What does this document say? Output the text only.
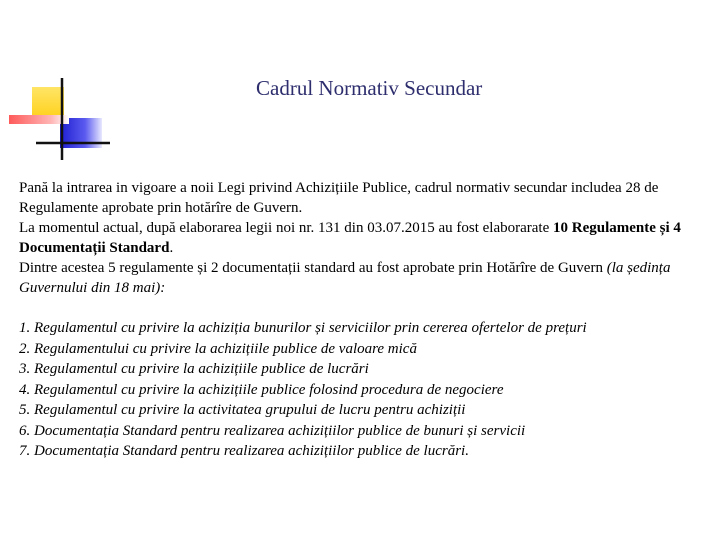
Cadrul Normativ Secundar

Pană la intrarea in vigoare a noii Legi privind Achizițiile Publice, cadrul normativ secundar includea 28 de Regulamente aprobate prin hotărîre de Guvern.

La momentul actual, după elaborarea legii noi nr. 131 din 03.07.2015 au fost elaborarate 10 Regulamente și 4 Documentații Standard.

Dintre acestea 5 regulamente și 2 documentații standard au fost aprobate prin Hotărîre de Guvern (la ședința Guvernului din 18 mai):

1. Regulamentul cu privire la achiziția bunurilor și serviciilor prin cererea ofertelor de prețuri
2. Regulamentului cu privire la achizițiile publice de valoare mică
3. Regulamentul cu privire la achizițiile publice de lucrări
4. Regulamentul cu privire la achizițiile publice folosind procedura de negociere
5. Regulamentul cu privire la activitatea grupului de lucru pentru achiziții
6. Documentația Standard pentru realizarea achizițiilor publice de bunuri și servicii
7. Documentația Standard pentru realizarea achizițiilor publice de lucrări.
